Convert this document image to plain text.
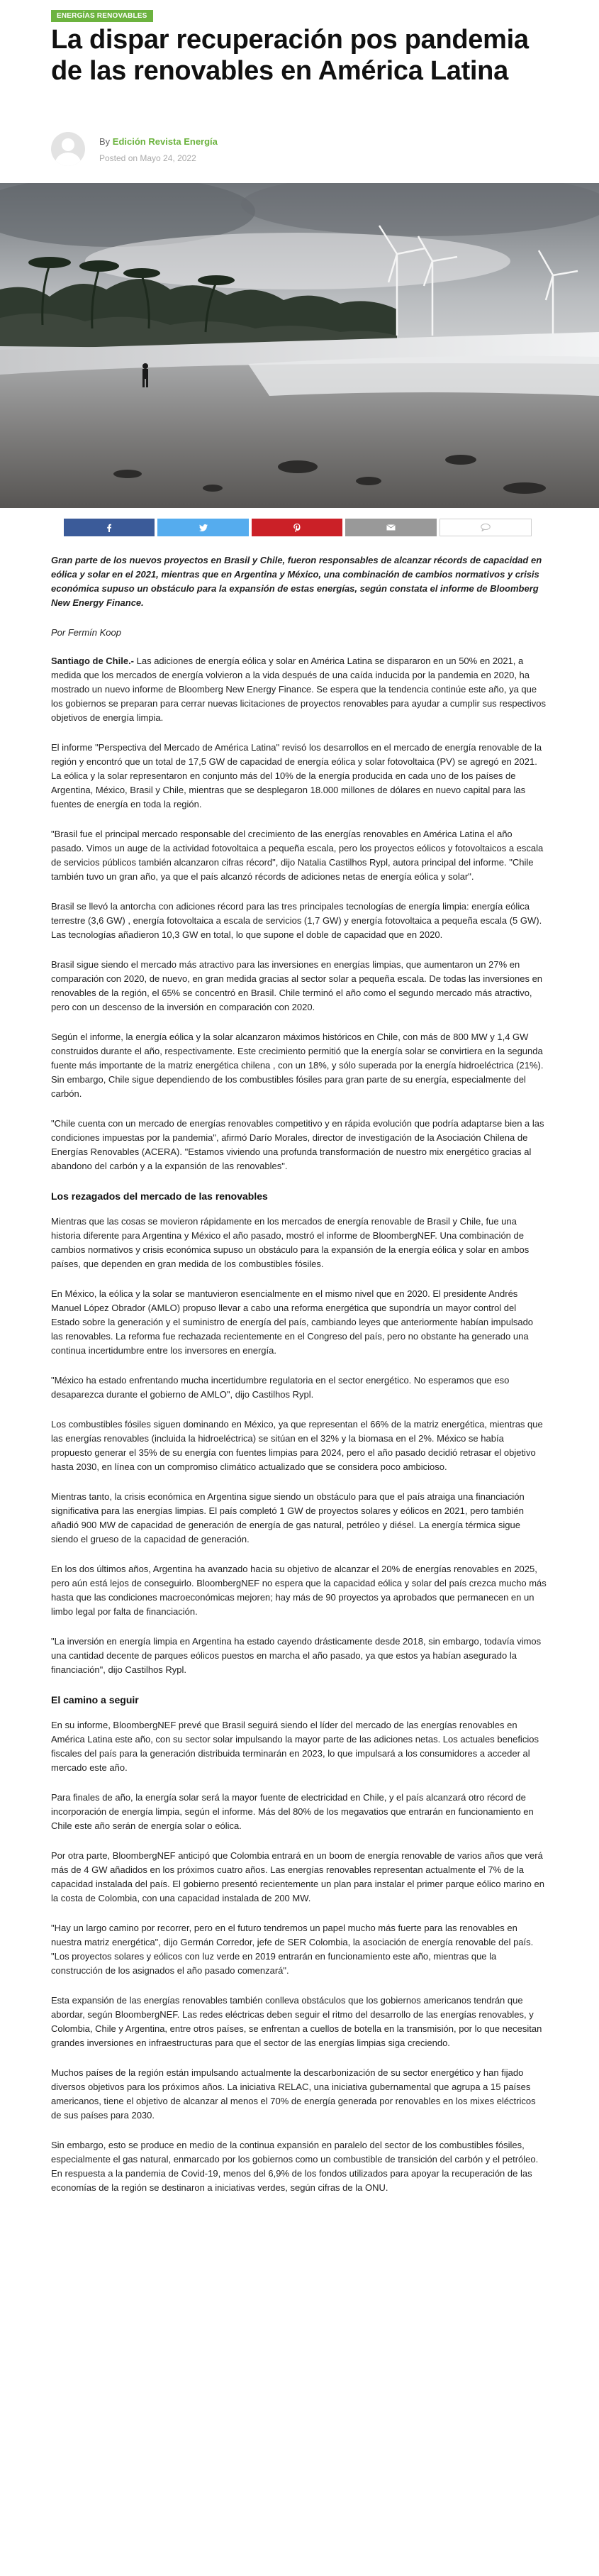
ENERGÍAS RENOVABLES
La dispar recuperación pos pandemia de las renovables en América Latina
By Edición Revista Energía
Posted on Mayo 24, 2022

Gran parte de los nuevos proyectos en Brasil y Chile, fueron responsables de alcanzar récords de capacidad en eólica y solar en el 2021, mientras que en Argentina y México, una combinación de cambios normativos y crisis económica supuso un obstáculo para la expansión de estas energías, según constata el informe de Bloomberg New Energy Finance.

Por Fermín Koop

Santiago de Chile.- Las adiciones de energía eólica y solar en América Latina se dispararon en un 50% en 2021, a medida que los mercados de energía volvieron a la vida después de una caída inducida por la pandemia en 2020, ha mostrado un nuevo informe de Bloomberg New Energy Finance. Se espera que la tendencia continúe este año, ya que los gobiernos se preparan para cerrar nuevas licitaciones de proyectos renovables para ayudar a cumplir sus respectivos objetivos de energía limpia.

El informe "Perspectiva del Mercado de América Latina" revisó los desarrollos en el mercado de energía renovable de la región y encontró que un total de 17,5 GW de capacidad de energía eólica y solar fotovoltaica (PV) se agregó en 2021. La eólica y la solar representaron en conjunto más del 10% de la energía producida en cada uno de los países de Argentina, México, Brasil y Chile, mientras que se desplegaron 18.000 millones de dólares en nuevo capital para las fuentes de energía en toda la región.

"Brasil fue el principal mercado responsable del crecimiento de las energías renovables en América Latina el año pasado. Vimos un auge de la actividad fotovoltaica a pequeña escala, pero los proyectos eólicos y fotovoltaicos a escala de servicios públicos también alcanzaron cifras récord", dijo Natalia Castilhos Rypl, autora principal del informe. "Chile también tuvo un gran año, ya que el país alcanzó récords de adiciones netas de energía eólica y solar".

Brasil se llevó la antorcha con adiciones récord para las tres principales tecnologías de energía limpia: energía eólica terrestre (3,6 GW) , energía fotovoltaica a escala de servicios (1,7 GW) y energía fotovoltaica a pequeña escala (5 GW). Las tecnologías añadieron 10,3 GW en total, lo que supone el doble de capacidad que en 2020.

Brasil sigue siendo el mercado más atractivo para las inversiones en energías limpias, que aumentaron un 27% en comparación con 2020, de nuevo, en gran medida gracias al sector solar a pequeña escala. De todas las inversiones en renovables de la región, el 65% se concentró en Brasil. Chile terminó el año como el segundo mercado más atractivo, pero con un descenso de la inversión en comparación con 2020.

Según el informe, la energía eólica y la solar alcanzaron máximos históricos en Chile, con más de 800 MW y 1,4 GW construidos durante el año, respectivamente. Este crecimiento permitió que la energía solar se convirtiera en la segunda fuente más importante de la matriz energética chilena , con un 18%, y sólo superada por la energía hidroeléctrica (21%). Sin embargo, Chile sigue dependiendo de los combustibles fósiles para gran parte de su energía, especialmente del carbón.

"Chile cuenta con un mercado de energías renovables competitivo y en rápida evolución que podría adaptarse bien a las condiciones impuestas por la pandemia", afirmó Darío Morales, director de investigación de la Asociación Chilena de Energías Renovables (ACERA). "Estamos viviendo una profunda transformación de nuestro mix energético gracias al abandono del carbón y a la expansión de las renovables".

Los rezagados del mercado de las renovables

Mientras que las cosas se movieron rápidamente en los mercados de energía renovable de Brasil y Chile, fue una historia diferente para Argentina y México el año pasado, mostró el informe de BloombergNEF. Una combinación de cambios normativos y crisis económica supuso un obstáculo para la expansión de la energía eólica y solar en ambos países, que dependen en gran medida de los combustibles fósiles.

En México, la eólica y la solar se mantuvieron esencialmente en el mismo nivel que en 2020. El presidente Andrés Manuel López Obrador (AMLO) propuso llevar a cabo una reforma energética que supondría un mayor control del Estado sobre la generación y el suministro de energía del país, cambiando leyes que anteriormente habían impulsado las renovables. La reforma fue rechazada recientemente en el Congreso del país, pero no obstante ha generado una continua incertidumbre entre los inversores en energía.

"México ha estado enfrentando mucha incertidumbre regulatoria en el sector energético. No esperamos que eso desaparezca durante el gobierno de AMLO", dijo Castilhos Rypl.

Los combustibles fósiles siguen dominando en México, ya que representan el 66% de la matriz energética, mientras que las energías renovables (incluida la hidroeléctrica) se sitúan en el 32% y la biomasa en el 2%. México se había propuesto generar el 35% de su energía con fuentes limpias para 2024, pero el año pasado decidió retrasar el objetivo hasta 2030, en línea con un compromiso climático actualizado que se considera poco ambicioso.

Mientras tanto, la crisis económica en Argentina sigue siendo un obstáculo para que el país atraiga una financiación significativa para las energías limpias. El país completó 1 GW de proyectos solares y eólicos en 2021, pero también añadió 900 MW de capacidad de generación de energía de gas natural, petróleo y diésel. La energía térmica sigue siendo el grueso de la capacidad de generación.

En los dos últimos años, Argentina ha avanzado hacia su objetivo de alcanzar el 20% de energías renovables en 2025, pero aún está lejos de conseguirlo. BloombergNEF no espera que la capacidad eólica y solar del país crezca mucho más hasta que las condiciones macroeconómicas mejoren; hay más de 90 proyectos ya aprobados que permanecen en un limbo legal por falta de financiación.

"La inversión en energía limpia en Argentina ha estado cayendo drásticamente desde 2018, sin embargo, todavía vimos una cantidad decente de parques eólicos puestos en marcha el año pasado, ya que estos ya habían asegurado la financiación", dijo Castilhos Rypl.

El camino a seguir

En su informe, BloombergNEF prevé que Brasil seguirá siendo el líder del mercado de las energías renovables en América Latina este año, con su sector solar impulsando la mayor parte de las adiciones netas. Los actuales beneficios fiscales del país para la generación distribuida terminarán en 2023, lo que impulsará a los consumidores a acceder al mercado este año.

Para finales de año, la energía solar será la mayor fuente de electricidad en Chile, y el país alcanzará otro récord de incorporación de energía limpia, según el informe. Más del 80% de los megavatios que entrarán en funcionamiento en Chile este año serán de energía solar o eólica.

Por otra parte, BloombergNEF anticipó que Colombia entrará en un boom de energía renovable de varios años que verá más de 4 GW añadidos en los próximos cuatro años. Las energías renovables representan actualmente el 7% de la capacidad instalada del país. El gobierno presentó recientemente un plan para instalar el primer parque eólico marino en la costa de Colombia, con una capacidad instalada de 200 MW.

"Hay un largo camino por recorrer, pero en el futuro tendremos un papel mucho más fuerte para las renovables en nuestra matriz energética", dijo Germán Corredor, jefe de SER Colombia, la asociación de energía renovable del país. "Los proyectos solares y eólicos con luz verde en 2019 entrarán en funcionamiento este año, mientras que la construcción de los asignados el año pasado comenzará".

Esta expansión de las energías renovables también conlleva obstáculos que los gobiernos americanos tendrán que abordar, según BloombergNEF. Las redes eléctricas deben seguir el ritmo del desarrollo de las energías renovables, y Colombia, Chile y Argentina, entre otros países, se enfrentan a cuellos de botella en la transmisión, por lo que necesitan grandes inversiones en infraestructuras para que el sector de las energías limpias siga creciendo.

Muchos países de la región están impulsando actualmente la descarbonización de su sector energético y han fijado diversos objetivos para los próximos años. La iniciativa RELAC, una iniciativa gubernamental que agrupa a 15 países americanos, tiene el objetivo de alcanzar al menos el 70% de energía generada por renovables en los mixes eléctricos de sus países para 2030.

Sin embargo, esto se produce en medio de la continua expansión en paralelo del sector de los combustibles fósiles, especialmente el gas natural, enmarcado por los gobiernos como un combustible de transición del carbón y el petróleo. En respuesta a la pandemia de Covid-19, menos del 6,9% de los fondos utilizados para apoyar la recuperación de las economías de la región se destinaron a iniciativas verdes, según cifras de la ONU.
